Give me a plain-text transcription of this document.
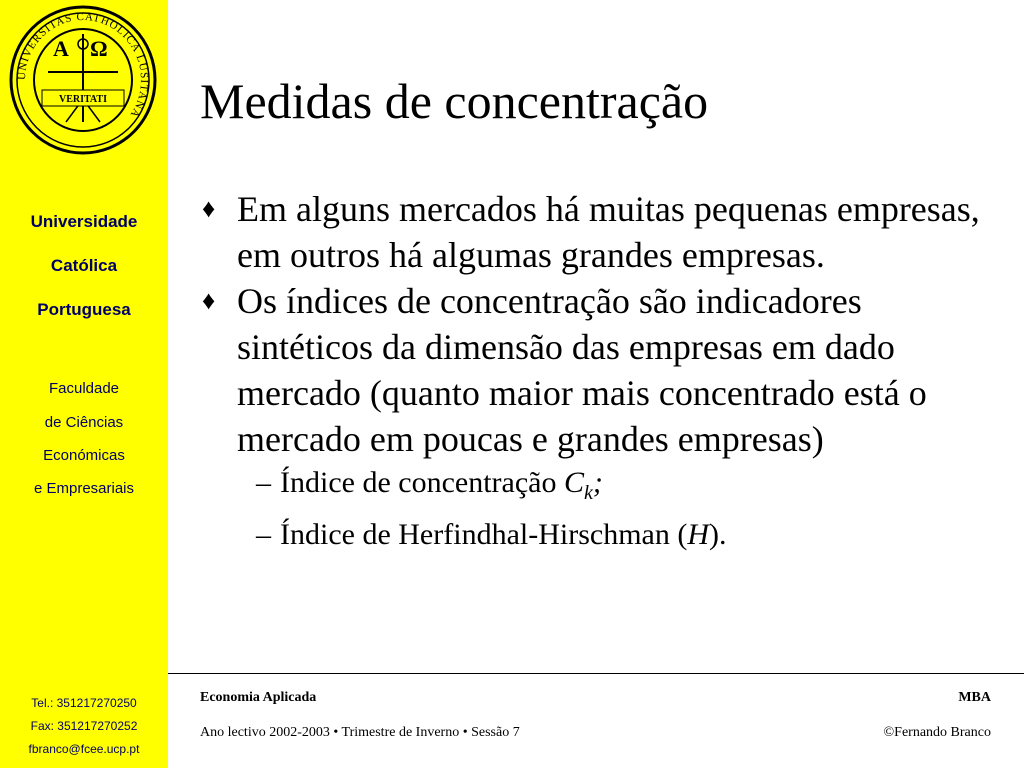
UNIVERSITAS CATHOLICA LUSITANA
A Ω
VERITATI
Universidade
Católica
Portuguesa
Faculdade
de Ciências
Económicas
e Empresariais
Tel.: 351217270250
Fax: 351217270252
fbranco@fcee.ucp.pt
Medidas de concentração
♦ Em alguns mercados há muitas pequenas empresas, em outros há algumas grandes empresas.
♦ Os índices de concentração são indicadores sintéticos da dimensão das empresas em dado mercado (quanto maior mais concentrado está o mercado em poucas e grandes empresas)
– Índice de concentração $C_k$;
– Índice de Herfindhal-Hirschman (H).
Economia Aplicada	MBA
Ano lectivo 2002-2003 • Trimestre de Inverno • Sessão 7	©Fernando Branco
